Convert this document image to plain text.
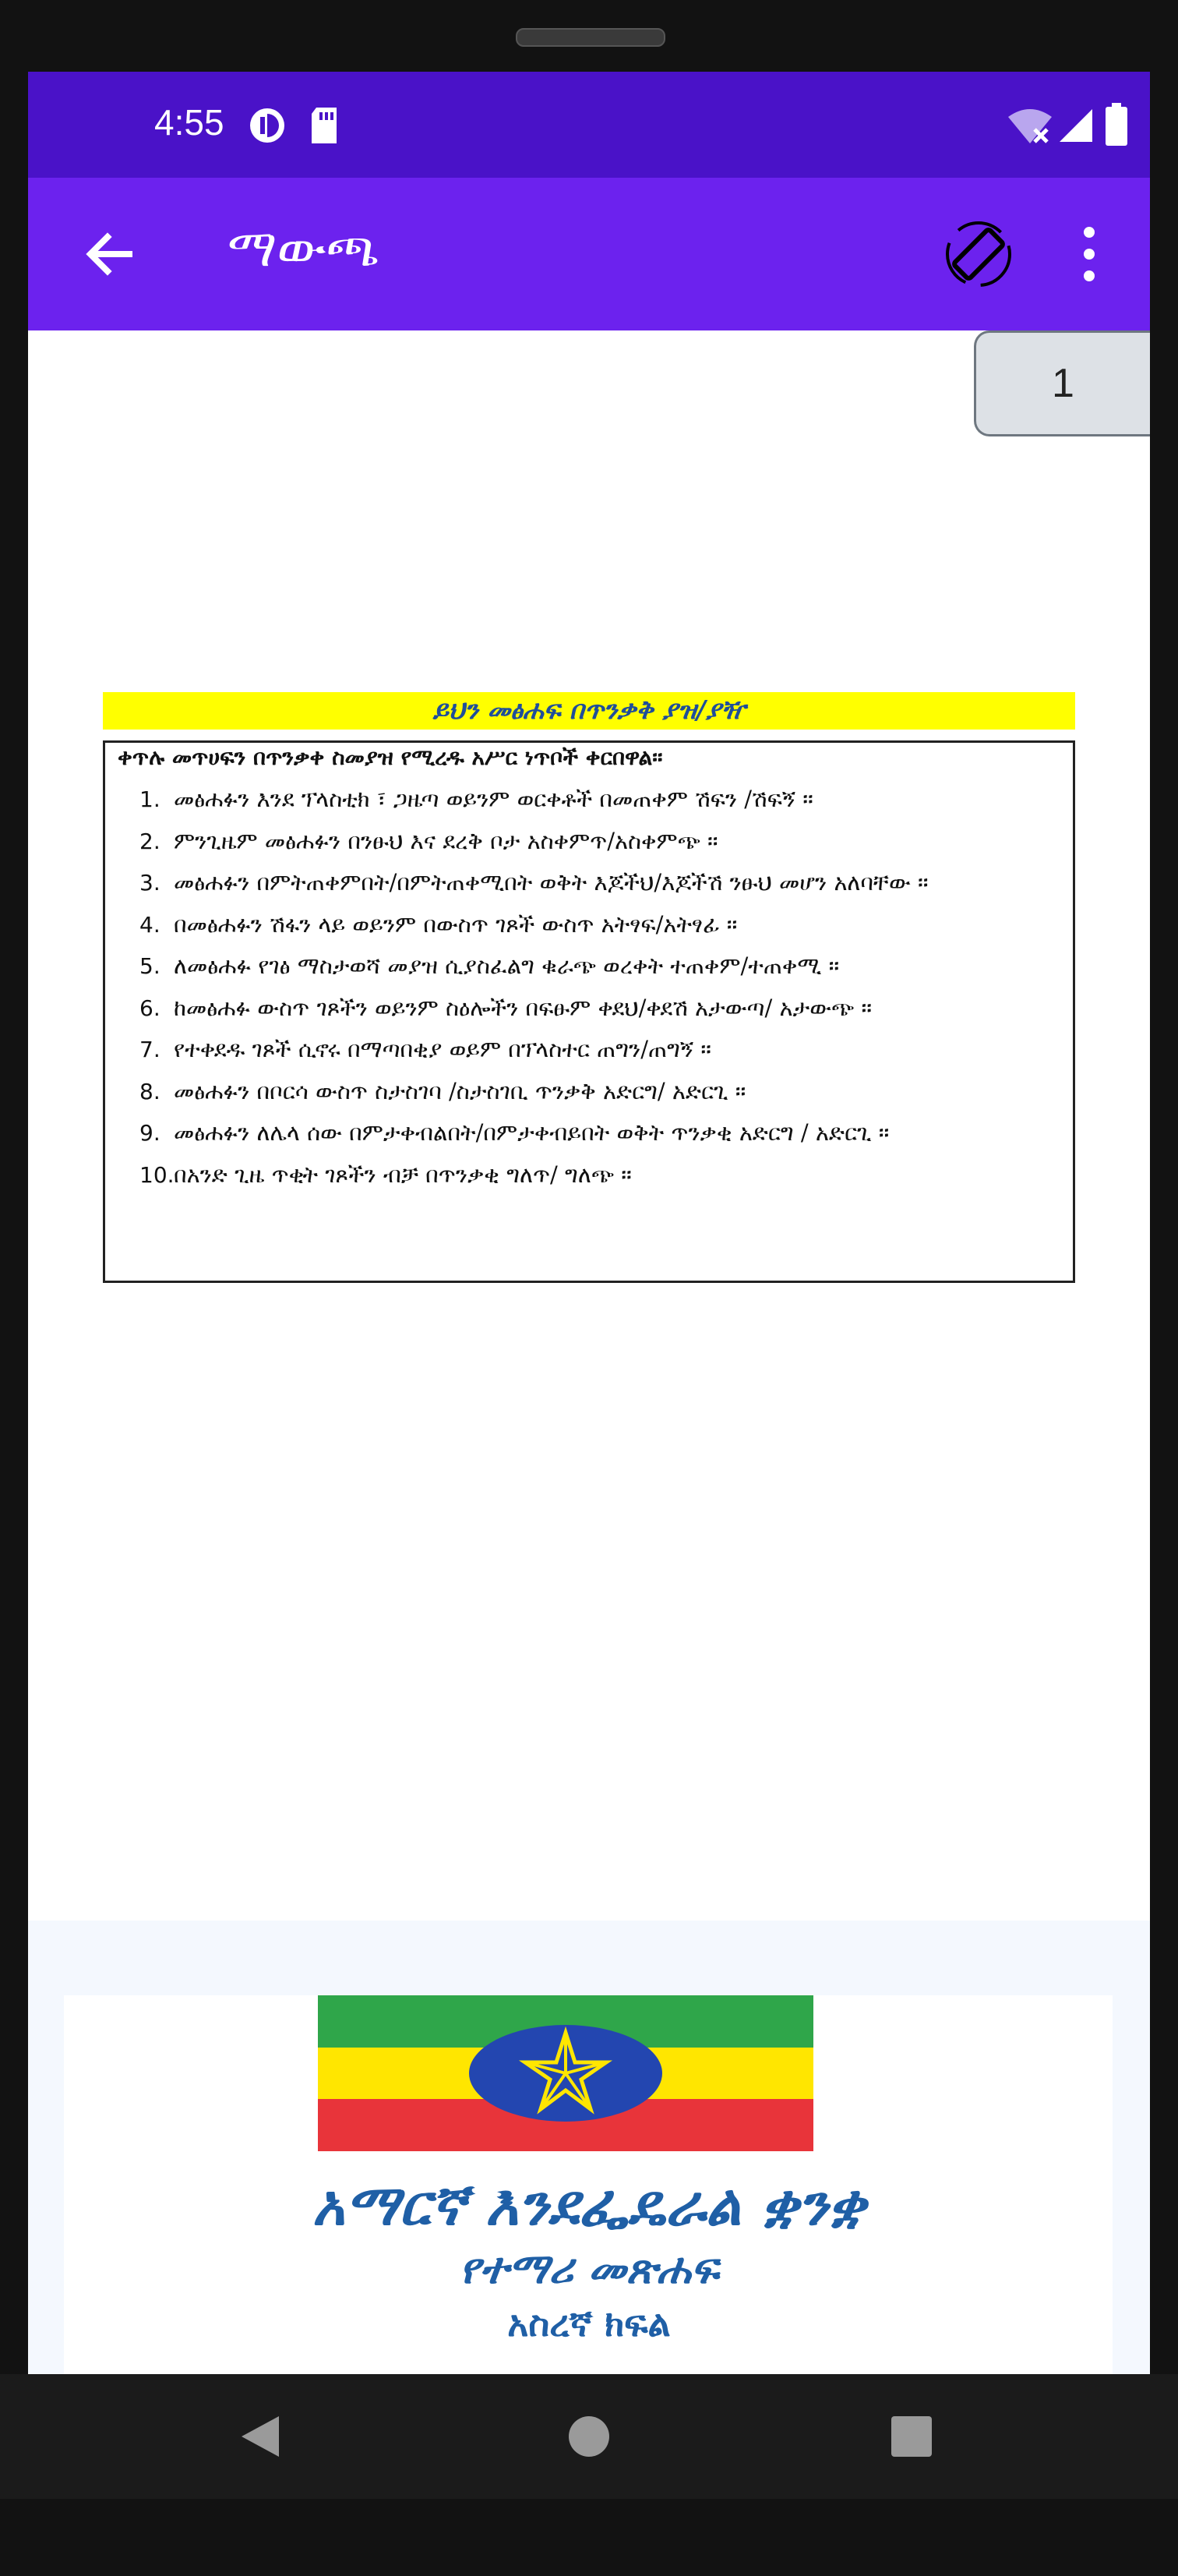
4:55
ማውጫ
1
ይህን መፅሐፍ በጥንቃቅ ያዝ/ያዥ
ቀጥሉ መጥሀፍን በጥንቃቀ ስመያዝ የሚረዱ አሥር ነጥቦች ቀርበዋል፡፡
1. መፅሐፉን እንደ ፕላስቲክ ፣ ጋዜጣ ወይንም ወርቀቶች በመጠቀም ሽፍን /ሽፍኝ ።
2. ምንጊዜም መፅሐፉን በንፁህ እና ደረቅ ቦታ አስቀምጥ/አስቀምጭ ።
3. መፅሐፉን በምትጠቀምበት/በምትጠቀሚበት ወቅት እጆችህ/እጆችሽ ንፁህ መሆን አለባቸው ።
4. በመፅሐፉን ሽፋን ላይ ወይንም በውስጥ ገጾች ውስጥ አትፃፍ/አትፃፊ ።
5. ለመፅሐፉ የገፅ ማስታወሻ መያዝ ሲያስፈልግ ቁራጭ ወረቀት ተጠቀም/ተጠቀሚ ።
6. ከመፅሐፉ ውስጥ ገጾችን ወይንም ስዕሎችን በፍፁም ቀደህ/ቀደሽ አታውጣ/ አታውጭ ።
7. የተቀደዱ ገጾች ሲኖሩ በማጣበቂያ ወይም በፕላስተር ጠግን/ጠግኝ ።
8. መፅሐፉን በቦርሳ ውስጥ ስታስገባ /ስታስገቢ ጥንቃቅ አድርግ/ አድርጊ ።
9. መፅሐፉን ለሌላ ሰው በምታቀብልበት/በምታቀብይበት ወቅት ጥንቃቂ አድርግ / አድርጊ ።
10.በአንድ ጊዜ ጥቂት ገጾችን ብቻ በጥንቃቂ ግለጥ/ ግለጭ ።
አማርኛ እንደፌዴራል ቋንቋ
የተማሪ መጽሐፍ
አስረኛ ክፍል
